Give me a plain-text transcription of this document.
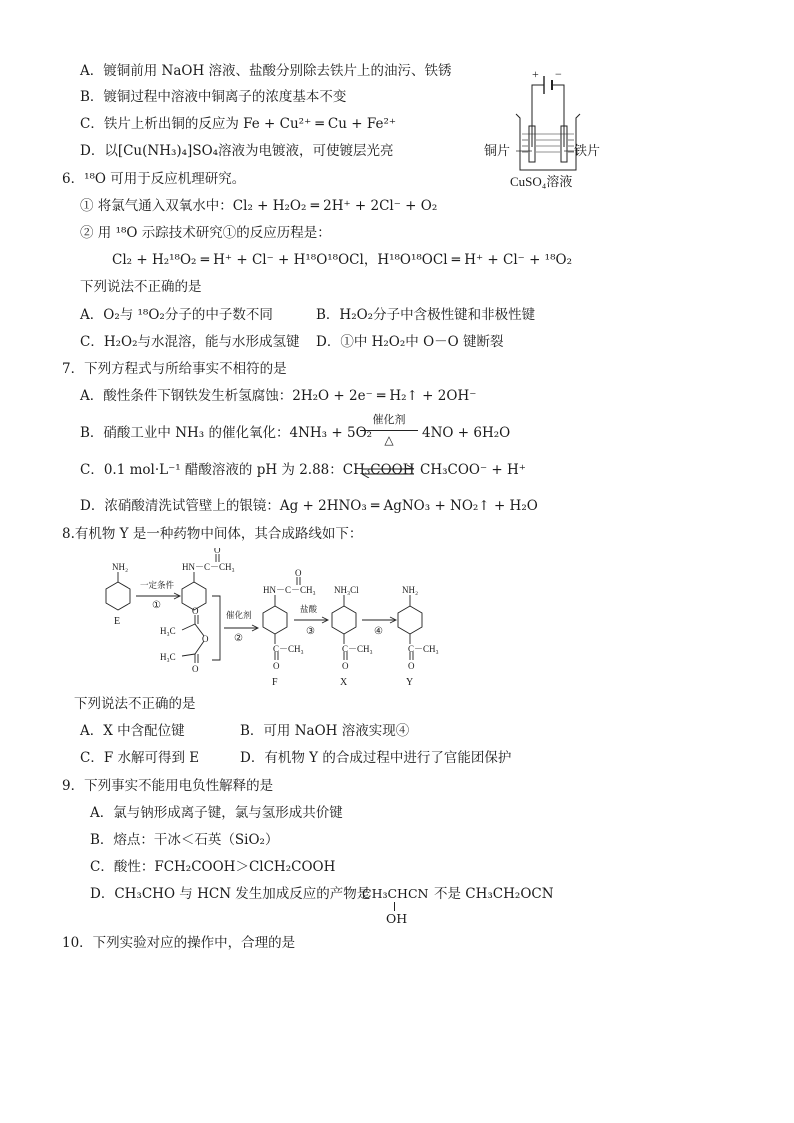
A．镀铜前用 NaOH 溶液、盐酸分别除去铁片上的油污、铁锈
B．镀铜过程中溶液中铜离子的浓度基本不变
C．铁片上析出铜的反应为 Fe + Cu²⁺ ═ Cu + Fe²⁺
D．以[Cu(NH₃)₄]SO₄溶液为电镀液，可使镀层光亮
+ −
铜片	铁片
CuSO₄溶液
6．¹⁸O 可用于反应机理研究。
① 将氯气通入双氧水中：Cl₂ + H₂O₂ ═ 2H⁺ + 2Cl⁻ + O₂
② 用 ¹⁸O 示踪技术研究①的反应历程是：
Cl₂ + H₂¹⁸O₂ ═ H⁺ + Cl⁻ + H¹⁸O¹⁸OCl，H¹⁸O¹⁸OCl ═ H⁺ + Cl⁻ + ¹⁸O₂
下列说法不正确的是
A．O₂与 ¹⁸O₂分子的中子数不同	B．H₂O₂分子中含极性键和非极性键
C．H₂O₂与水混溶，能与水形成氢键 D．①中 H₂O₂中 O－O 键断裂
7．下列方程式与所给事实不相符的是
A．酸性条件下钢铁发生析氢腐蚀：2H₂O + 2e⁻ ═ H₂↑ + 2OH⁻
B．硝酸工业中 NH₃ 的催化氧化：4NH₃ + 5O₂
催化剂
△	4NO + 6H₂O
C．0.1 mol·L⁻¹ 醋酸溶液的 pH 为 2.88：CH₃COOH CH₃COO⁻ + H⁺
D．浓硝酸清洗试管壁上的银镜：Ag + 2HNO₃ ═ AgNO₃ + NO₂↑ + H₂O
8.有机物 Y 是一种药物中间体，其合成路线如下：
NH₂
E
一定条件
①
O
HN－C－CH₃
O
H₃C
O
H₃C
O
催化剂
②
O
HN－C－CH₃
C－CH₃
O
F
盐酸
③
NH₃Cl
C－CH₃
O
X
④
NH₂
C－CH₃
O
Y
下列说法不正确的是
A．X 中含配位键	B．可用 NaOH 溶液实现④
C．F 水解可得到 E	D．有机物 Y 的合成过程中进行了官能团保护
9．下列事实不能用电负性解释的是
A．氯与钠形成离子键，氯与氢形成共价键
B．熔点：干冰＜石英（SiO₂）
C．酸性：FCH₂COOH＞ClCH₂COOH
D．CH₃CHO 与 HCN 发生加成反应的产物是
CH₃CHCN
OH
不是 CH₃CH₂OCN
10．下列实验对应的操作中，合理的是
